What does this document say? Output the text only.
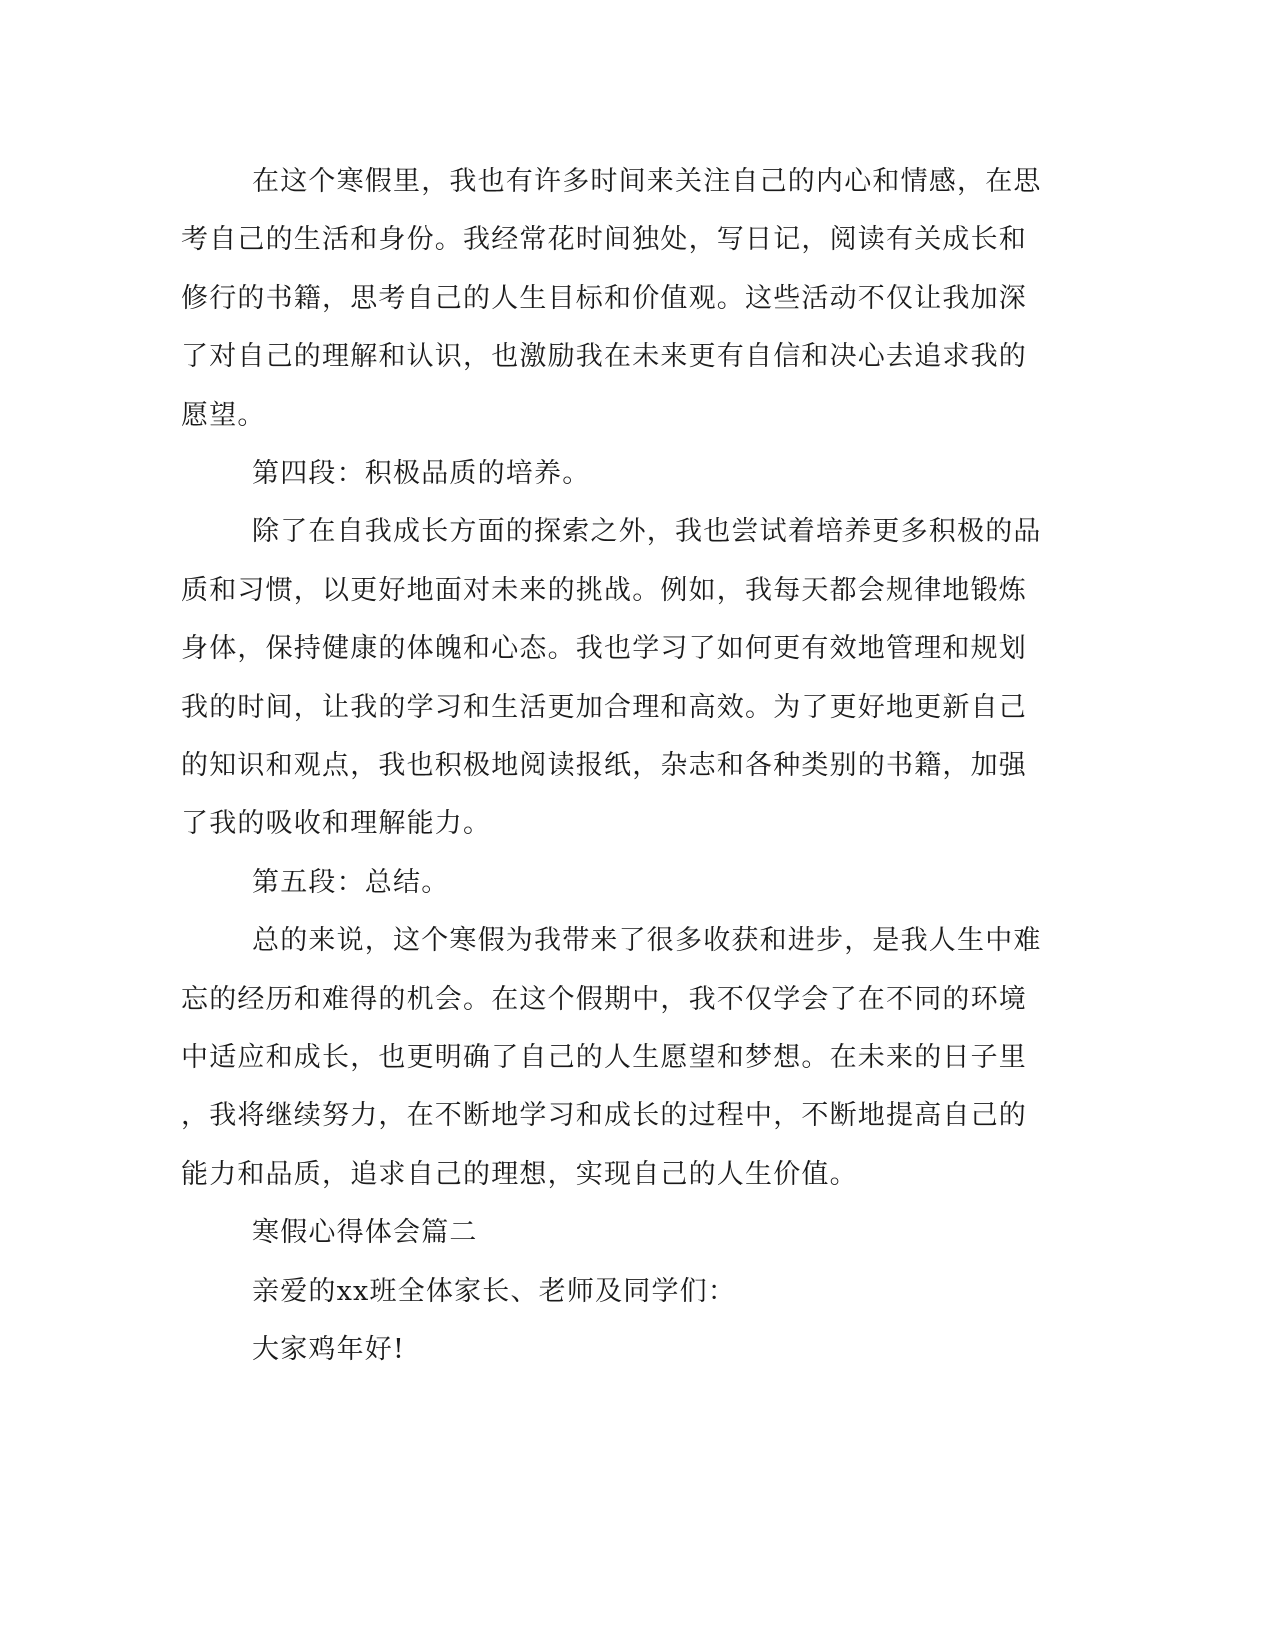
在这个寒假里，我也有许多时间来关注自己的内心和情感，在思
考自己的生活和身份。我经常花时间独处，写日记，阅读有关成长和
修行的书籍，思考自己的人生目标和价值观。这些活动不仅让我加深
了对自己的理解和认识，也激励我在未来更有自信和决心去追求我的
愿望。
第四段：积极品质的培养。
除了在自我成长方面的探索之外，我也尝试着培养更多积极的品
质和习惯，以更好地面对未来的挑战。例如，我每天都会规律地锻炼
身体，保持健康的体魄和心态。我也学习了如何更有效地管理和规划
我的时间，让我的学习和生活更加合理和高效。为了更好地更新自己
的知识和观点，我也积极地阅读报纸，杂志和各种类别的书籍，加强
了我的吸收和理解能力。
第五段：总结。
总的来说，这个寒假为我带来了很多收获和进步，是我人生中难
忘的经历和难得的机会。在这个假期中，我不仅学会了在不同的环境
中适应和成长，也更明确了自己的人生愿望和梦想。在未来的日子里
，我将继续努力，在不断地学习和成长的过程中，不断地提高自己的
能力和品质，追求自己的理想，实现自己的人生价值。
寒假心得体会篇二
亲爱的xx班全体家长、老师及同学们：
大家鸡年好!
